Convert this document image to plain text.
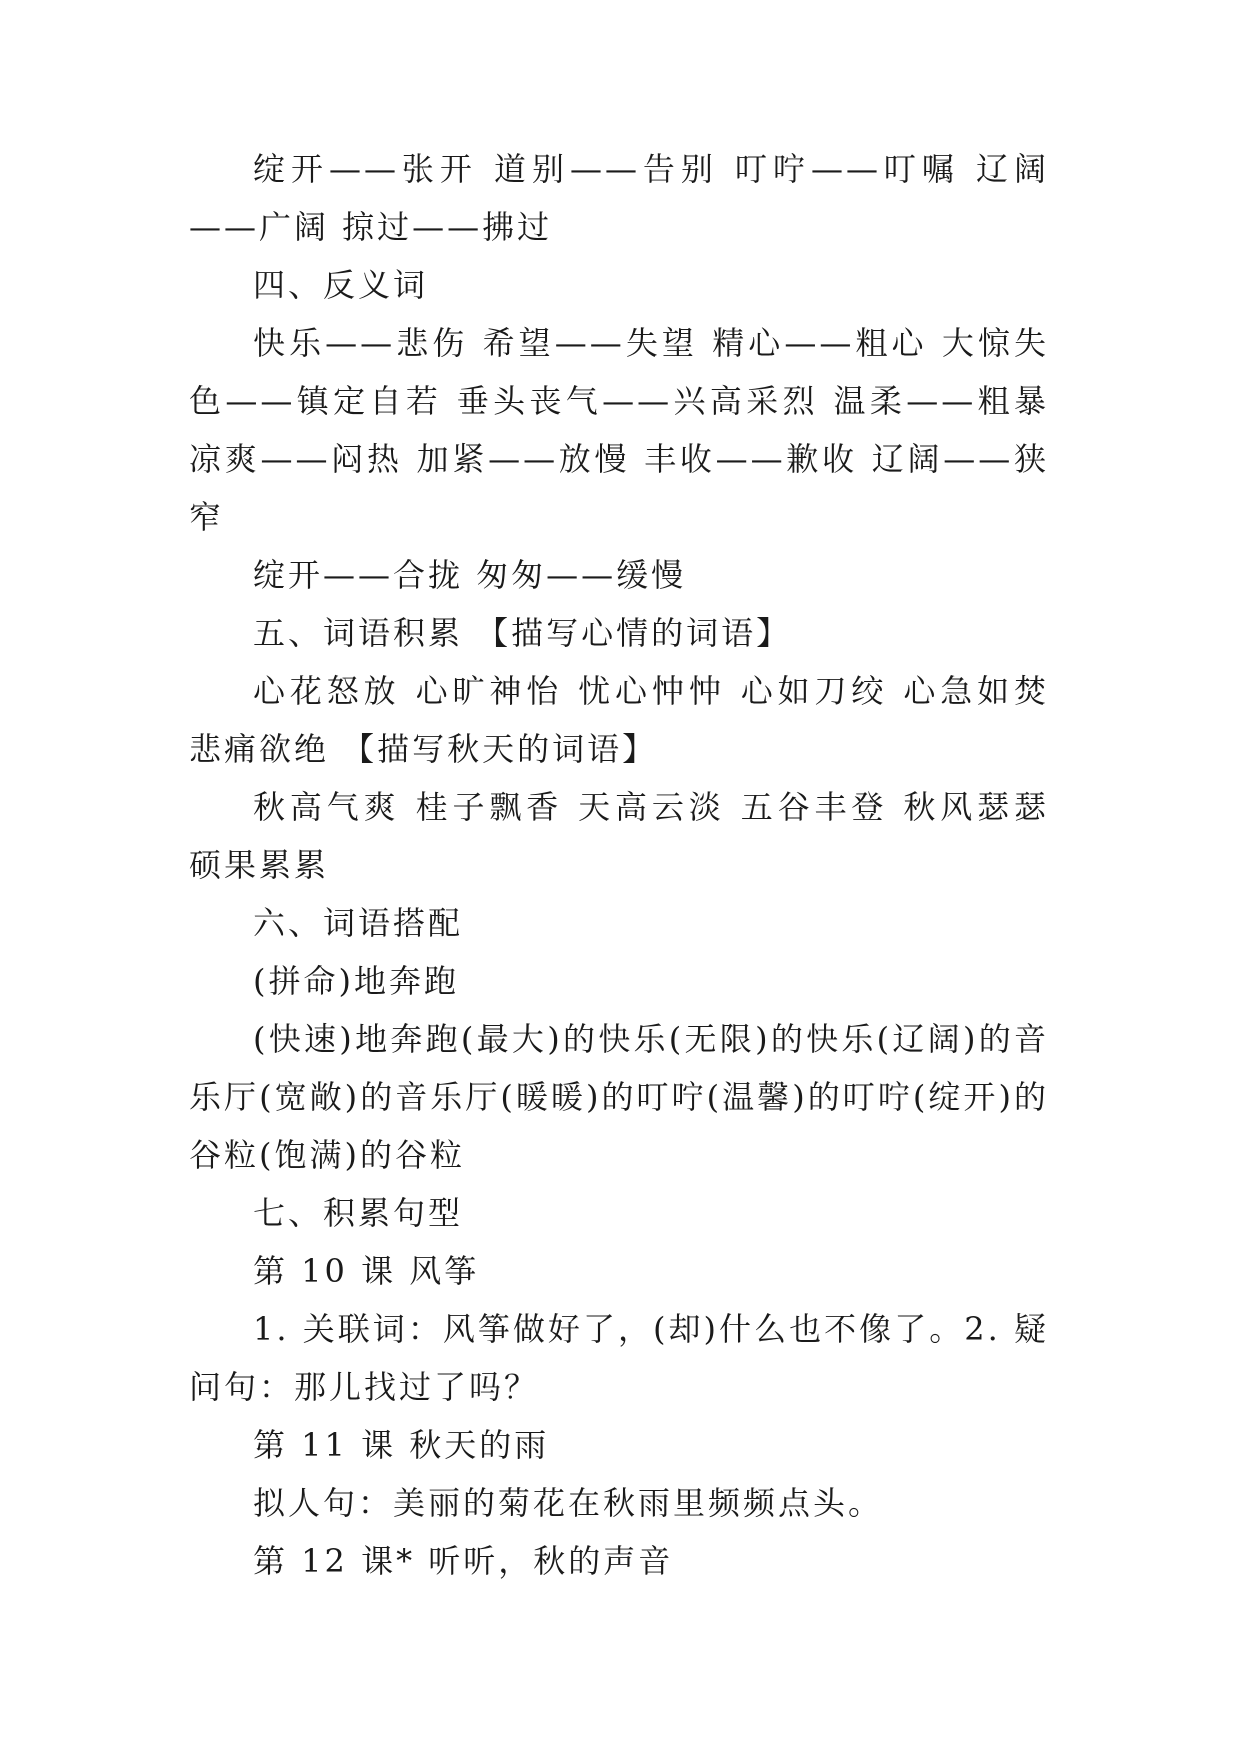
绽开——张开 道别——告别 叮咛——叮嘱 辽阔——广阔 掠过——拂过

四、反义词

快乐——悲伤 希望——失望 精心——粗心 大惊失色——镇定自若 垂头丧气——兴高采烈 温柔——粗暴 凉爽——闷热 加紧——放慢 丰收——歉收 辽阔——狭窄

绽开——合拢 匆匆——缓慢

五、词语积累 【描写心情的词语】

心花怒放 心旷神怡 忧心忡忡 心如刀绞 心急如焚 悲痛欲绝 【描写秋天的词语】

秋高气爽 桂子飘香 天高云淡 五谷丰登 秋风瑟瑟 硕果累累

六、词语搭配

(拼命)地奔跑

(快速)地奔跑(最大)的快乐(无限)的快乐(辽阔)的音乐厅(宽敞)的音乐厅(暖暖)的叮咛(温馨)的叮咛(绽开)的谷粒(饱满)的谷粒

七、积累句型

第 10 课 风筝

1. 关联词：风筝做好了，(却)什么也不像了。2. 疑问句：那儿找过了吗？

第 11 课 秋天的雨

拟人句：美丽的菊花在秋雨里频频点头。

第 12 课* 听听，秋的声音
